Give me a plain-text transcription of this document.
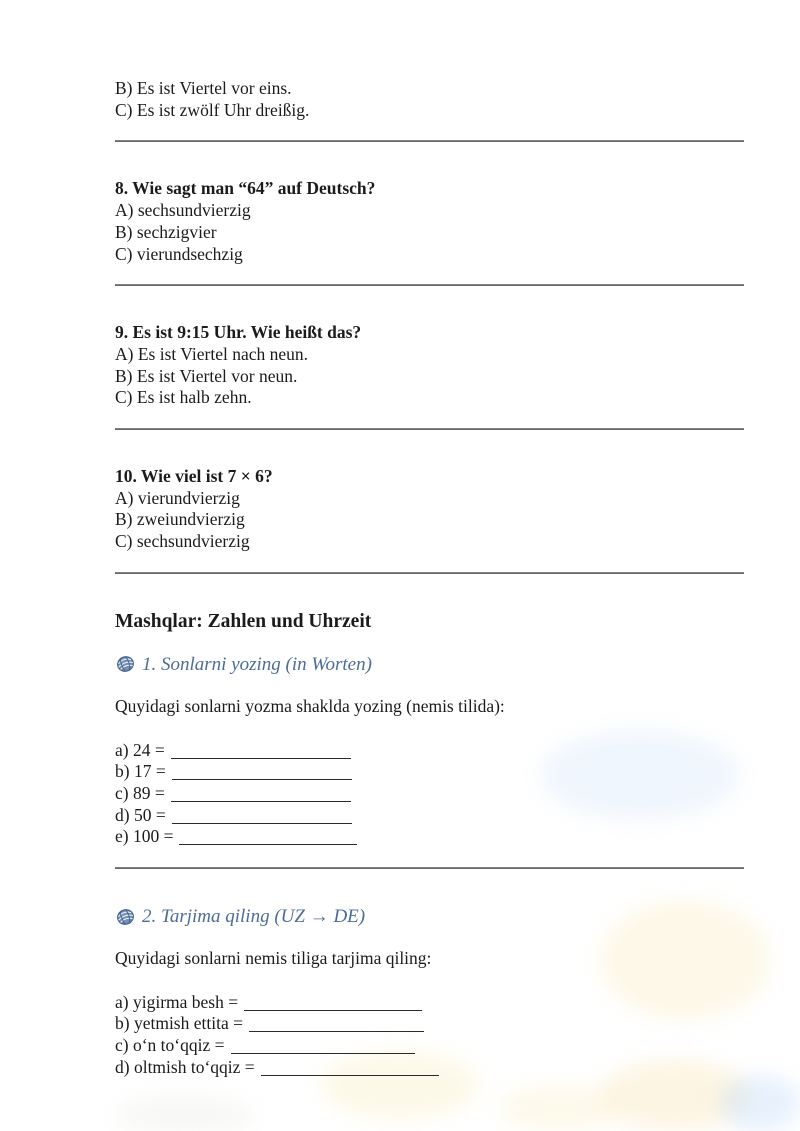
B) Es ist Viertel vor eins.
C) Es ist zwölf Uhr dreißig.
8. Wie sagt man “64” auf Deutsch?
A) sechsundvierzig
B) sechzigvier
C) vierundsechzig
9. Es ist 9:15 Uhr. Wie heißt das?
A) Es ist Viertel nach neun.
B) Es ist Viertel vor neun.
C) Es ist halb zehn.
10. Wie viel ist 7 × 6?
A) vierundvierzig
B) zweiundvierzig
C) sechsundvierzig
Mashqlar: Zahlen und Uhrzeit
1. Sonlarni yozing (in Worten)
Quyidagi sonlarni yozma shaklda yozing (nemis tilida):
a) 24 =
b) 17 =
c) 89 =
d) 50 =
e) 100 =
2. Tarjima qiling (UZ → DE)
Quyidagi sonlarni nemis tiliga tarjima qiling:
a) yigirma besh =
b) yetmish ettita =
c) o‘n to‘qqiz =
d) oltmish to‘qqiz =
